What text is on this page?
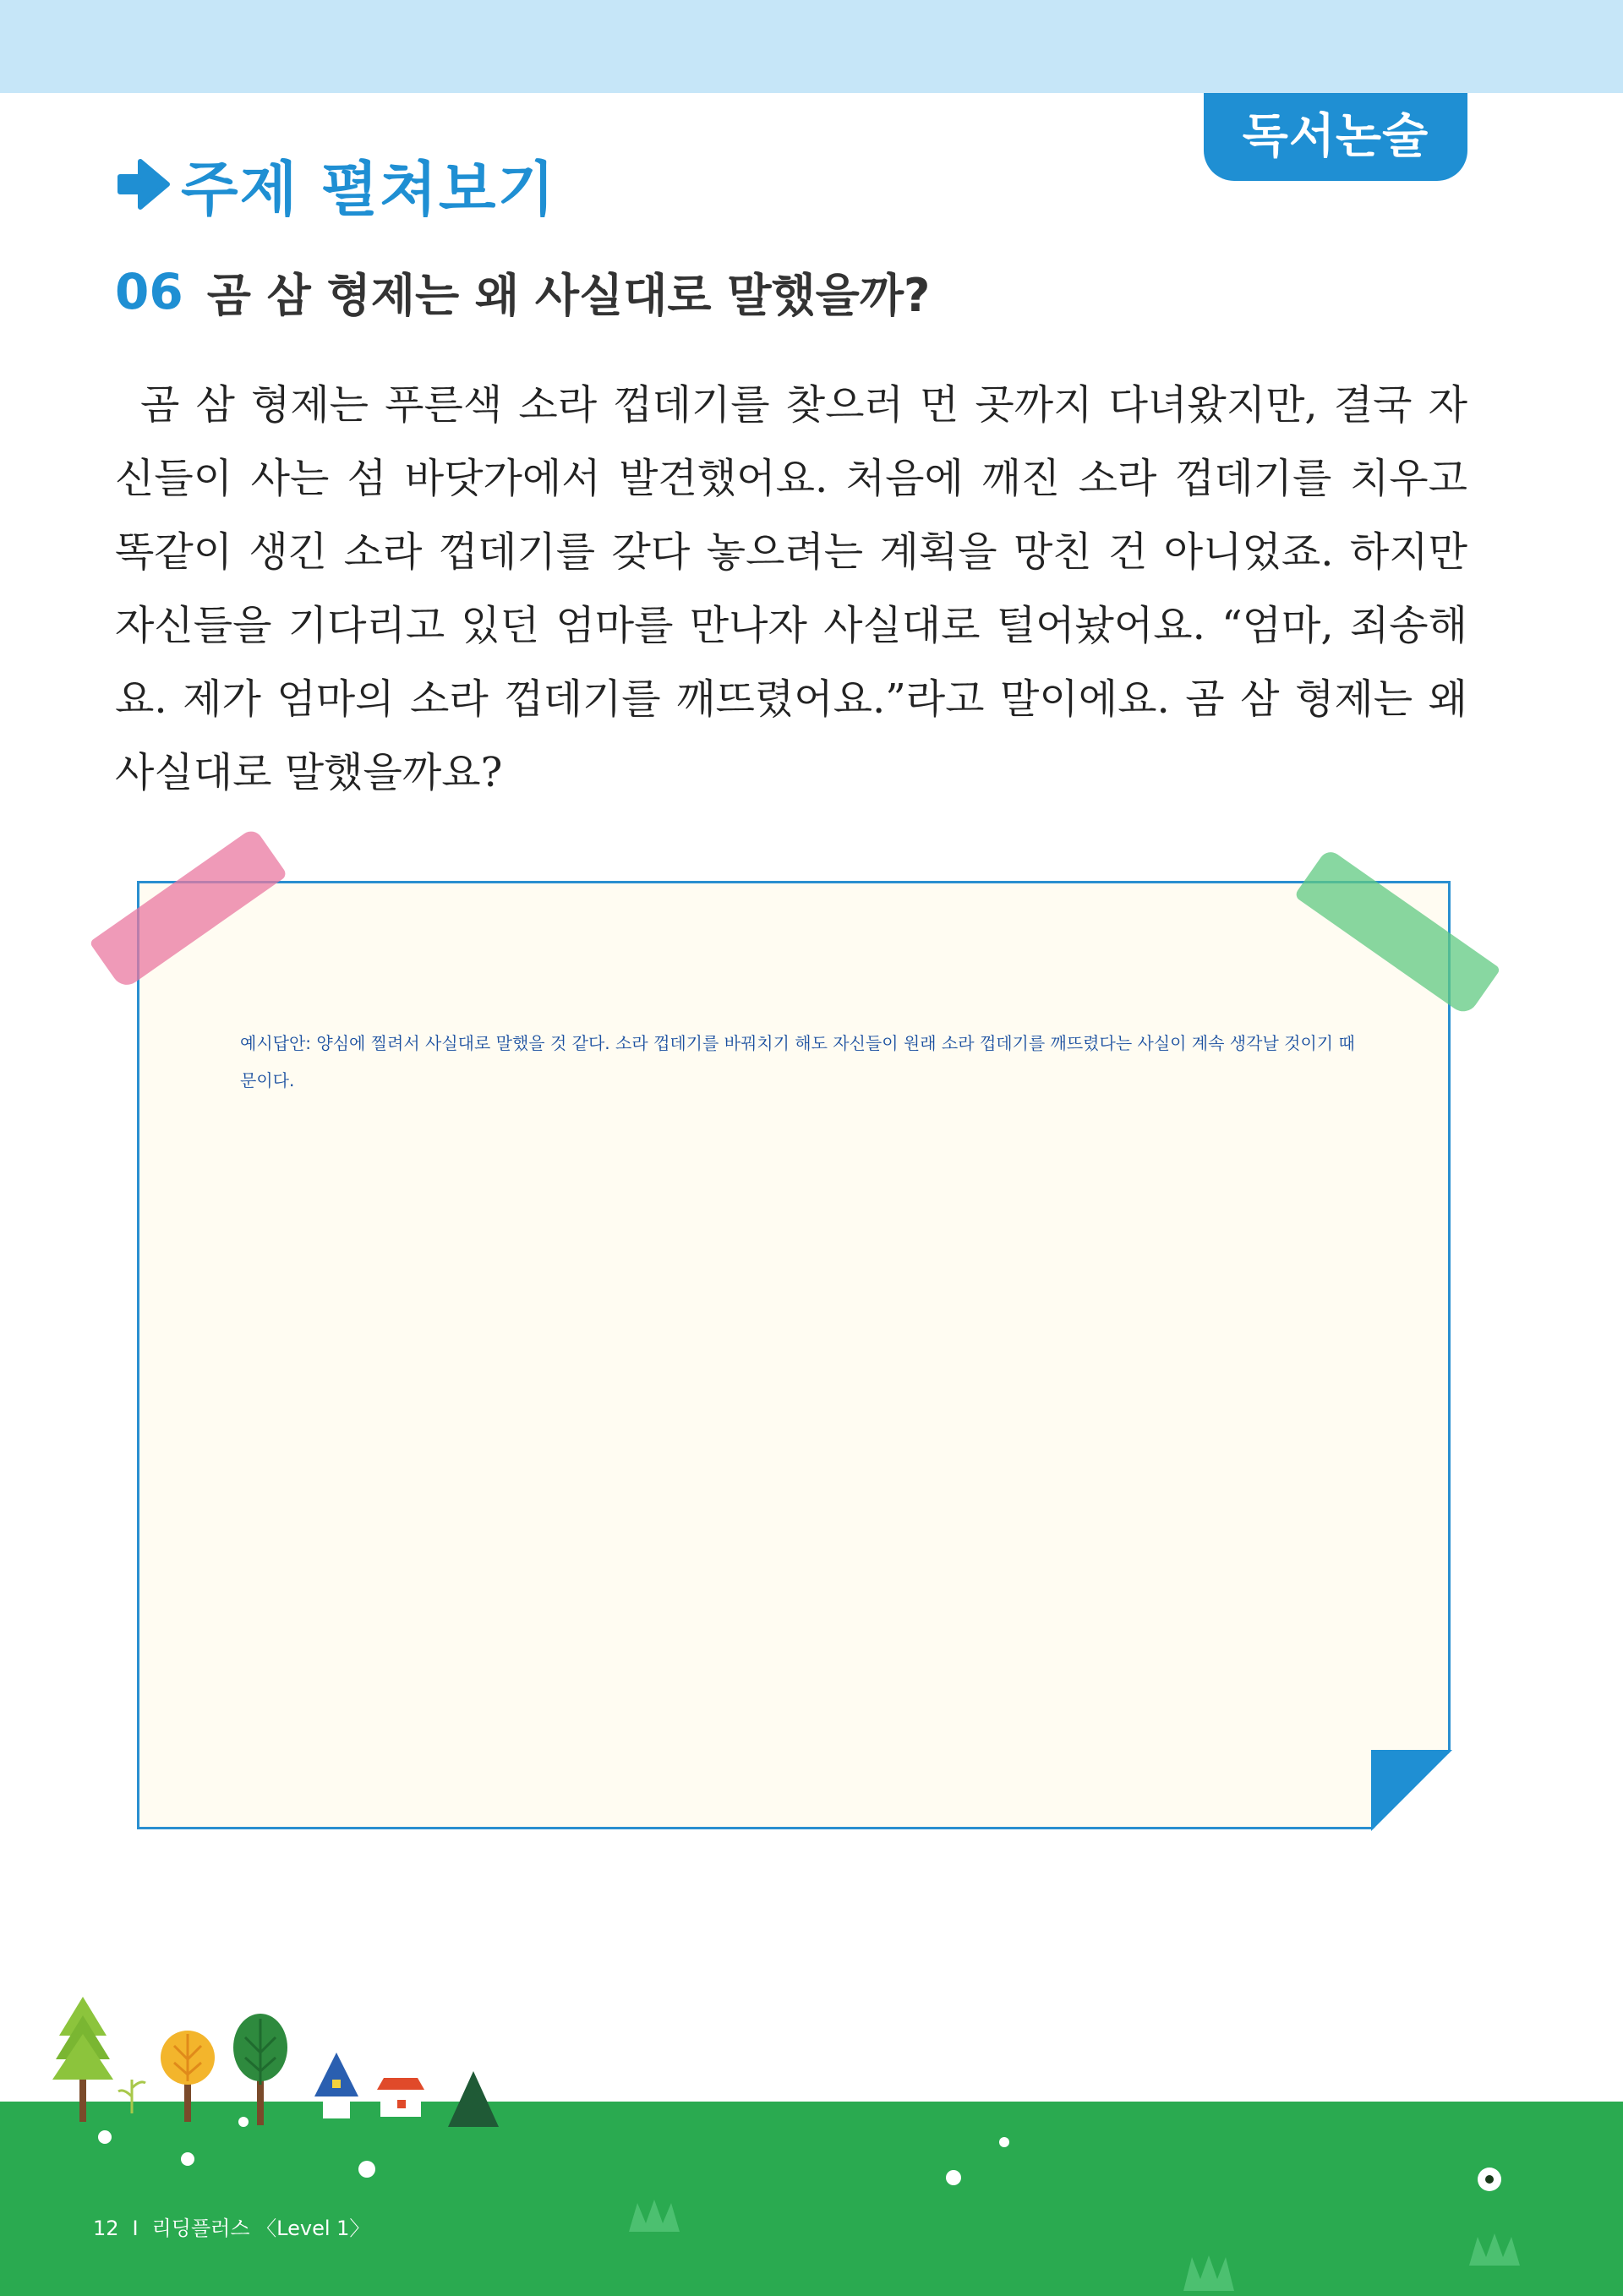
독서논술
주제 펼쳐보기
06 곰 삼 형제는 왜 사실대로 말했을까?

곰 삼 형제는 푸른색 소라 껍데기를 찾으러 먼 곳까지 다녀왔지만, 결국 자신들이 사는 섬 바닷가에서 발견했어요. 처음에 깨진 소라 껍데기를 치우고 똑같이 생긴 소라 껍데기를 갖다 놓으려는 계획을 망친 건 아니었죠. 하지만 자신들을 기다리고 있던 엄마를 만나자 사실대로 털어놨어요. “엄마, 죄송해요. 제가 엄마의 소라 껍데기를 깨뜨렸어요.”라고 말이에요. 곰 삼 형제는 왜 사실대로 말했을까요?

예시답안: 양심에 찔려서 사실대로 말했을 것 같다. 소라 껍데기를 바꿔치기 해도 자신들이 원래 소라 껍데기를 깨뜨렸다는 사실이 계속 생각날 것이기 때문이다.

12 I 리딩플러스 〈Level 1〉
